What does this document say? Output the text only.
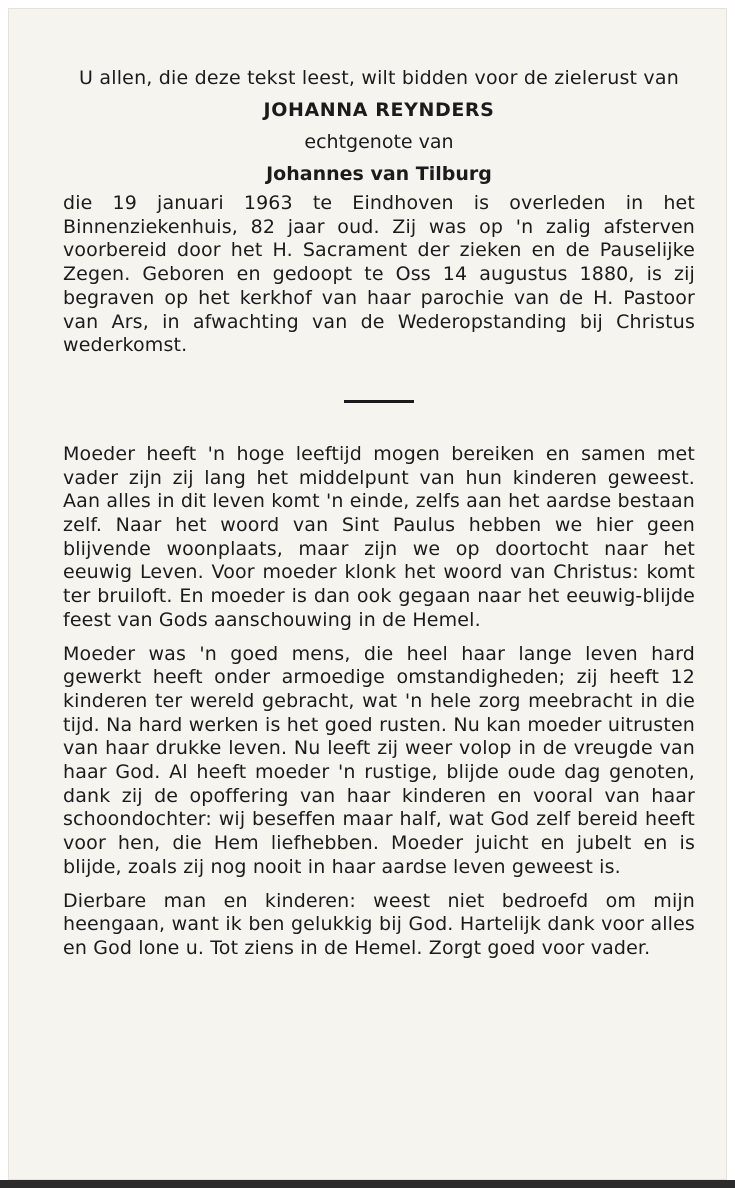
U allen, die deze tekst leest, wilt bidden voor de zielerust van

JOHANNA REYNDERS

echtgenote van

Johannes van Tilburg

die 19 januari 1963 te Eindhoven is overleden in het Binnenziekenhuis, 82 jaar oud. Zij was op 'n zalig afsterven voorbereid door het H. Sacrament der zieken en de Pauselijke Zegen. Geboren en gedoopt te Oss 14 augustus 1880, is zij begraven op het kerkhof van haar parochie van de H. Pastoor van Ars, in afwachting van de Wederopstanding bij Christus wederkomst.

Moeder heeft 'n hoge leeftijd mogen bereiken en samen met vader zijn zij lang het middelpunt van hun kinderen geweest. Aan alles in dit leven komt 'n einde, zelfs aan het aardse bestaan zelf. Naar het woord van Sint Paulus hebben we hier geen blijvende woonplaats, maar zijn we op doortocht naar het eeuwig Leven. Voor moeder klonk het woord van Christus: komt ter bruiloft. En moeder is dan ook gegaan naar het eeuwig-blijde feest van Gods aanschouwing in de Hemel.

Moeder was 'n goed mens, die heel haar lange leven hard gewerkt heeft onder armoedige omstandigheden; zij heeft 12 kinderen ter wereld gebracht, wat 'n hele zorg meebracht in die tijd. Na hard werken is het goed rusten. Nu kan moeder uitrusten van haar drukke leven. Nu leeft zij weer volop in de vreugde van haar God. Al heeft moeder 'n rustige, blijde oude dag genoten, dank zij de opoffering van haar kinderen en vooral van haar schoondochter: wij beseffen maar half, wat God zelf bereid heeft voor hen, die Hem liefhebben. Moeder juicht en jubelt en is blijde, zoals zij nog nooit in haar aardse leven geweest is.

Dierbare man en kinderen: weest niet bedroefd om mijn heengaan, want ik ben gelukkig bij God. Hartelijk dank voor alles en God lone u. Tot ziens in de Hemel. Zorgt goed voor vader.
